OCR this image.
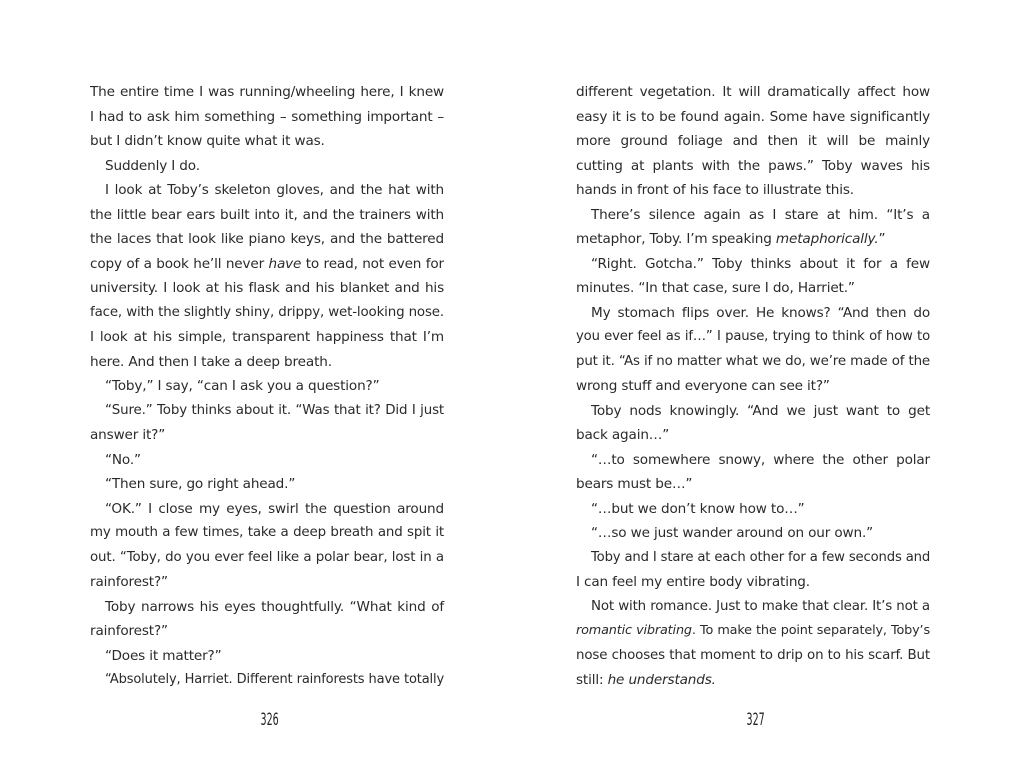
The entire time I was running/wheeling here, I knew
I had to ask him something – something important –
but I didn’t know quite what it was.
Suddenly I do.
I look at Toby’s skeleton gloves, and the hat with
the little bear ears built into it, and the trainers with
the laces that look like piano keys, and the battered
copy of a book he’ll never have to read, not even for
university. I look at his flask and his blanket and his
face, with the slightly shiny, drippy, wet-looking nose.
I look at his simple, transparent happiness that I’m
here. And then I take a deep breath.
“Toby,” I say, “can I ask you a question?”
“Sure.” Toby thinks about it. “Was that it? Did I just
answer it?”
“No.”
“Then sure, go right ahead.”
“OK.” I close my eyes, swirl the question around
my mouth a few times, take a deep breath and spit it
out. “Toby, do you ever feel like a polar bear, lost in a
rainforest?”
Toby narrows his eyes thoughtfully. “What kind of
rainforest?”
“Does it matter?”
“Absolutely, Harriet. Different rainforests have totally
different vegetation. It will dramatically affect how
easy it is to be found again. Some have significantly
more ground foliage and then it will be mainly
cutting at plants with the paws.” Toby waves his
hands in front of his face to illustrate this.
There’s silence again as I stare at him. “It’s a
metaphor, Toby. I’m speaking metaphorically.”
“Right. Gotcha.” Toby thinks about it for a few
minutes. “In that case, sure I do, Harriet.”
My stomach flips over. He knows? “And then do
you ever feel as if…” I pause, trying to think of how to
put it. “As if no matter what we do, we’re made of the
wrong stuff and everyone can see it?”
Toby nods knowingly. “And we just want to get
back again…”
“…to somewhere snowy, where the other polar
bears must be…”
“…but we don’t know how to…”
“…so we just wander around on our own.”
Toby and I stare at each other for a few seconds and
I can feel my entire body vibrating.
Not with romance. Just to make that clear. It’s not a
romantic vibrating. To make the point separately, Toby’s
nose chooses that moment to drip on to his scarf. But
still: he understands.
326	327
